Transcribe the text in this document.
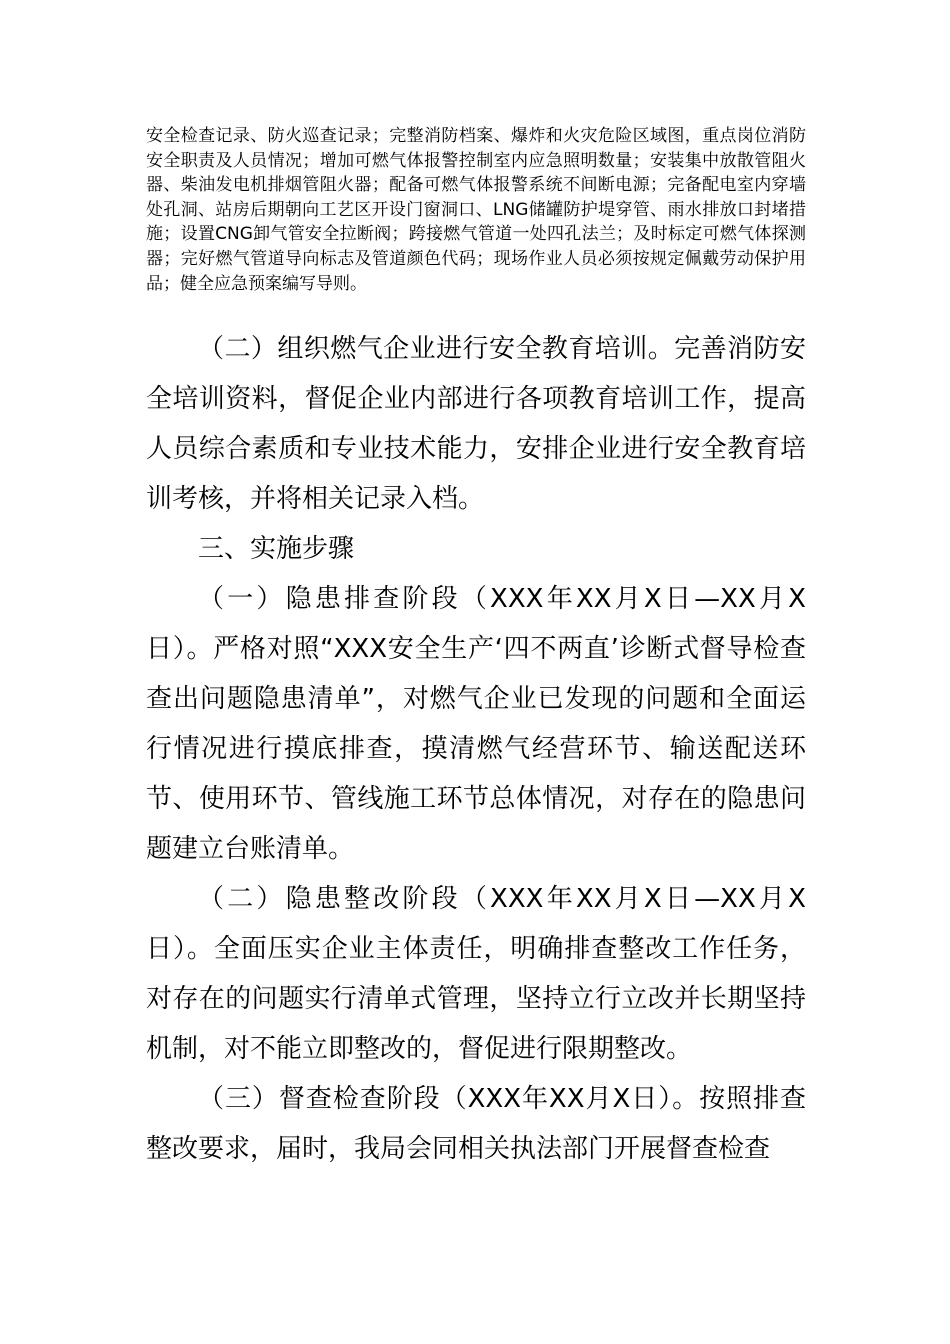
安全检查记录、防火巡查记录；完整消防档案、爆炸和火灾危险区域图，重点岗位消防安全职责及人员情况；增加可燃气体报警控制室内应急照明数量；安装集中放散管阻火器、柴油发电机排烟管阻火器；配备可燃气体报警系统不间断电源；完备配电室内穿墙处孔洞、站房后期朝向工艺区开设门窗洞口、LNG储罐防护堤穿管、雨水排放口封堵措施；设置CNG卸气管安全拉断阀；跨接燃气管道一处四孔法兰；及时标定可燃气体探测器；完好燃气管道导向标志及管道颜色代码；现场作业人员必须按规定佩戴劳动保护用品；健全应急预案编写导则。

（二）组织燃气企业进行安全教育培训。完善消防安全培训资料，督促企业内部进行各项教育培训工作，提高人员综合素质和专业技术能力，安排企业进行安全教育培训考核，并将相关记录入档。

三、实施步骤

（一）隐患排查阶段（XXX年XX月X日—XX月X日）。严格对照“XXX安全生产‘四不两直’诊断式督导检查查出问题隐患清单”，对燃气企业已发现的问题和全面运行情况进行摸底排查，摸清燃气经营环节、输送配送环节、使用环节、管线施工环节总体情况，对存在的隐患问题建立台账清单。

（二）隐患整改阶段（XXX年XX月X日—XX月X日）。全面压实企业主体责任，明确排查整改工作任务，对存在的问题实行清单式管理，坚持立行立改并长期坚持机制，对不能立即整改的，督促进行限期整改。

（三）督查检查阶段（XXX年XX月X日）。按照排查整改要求，届时，我局会同相关执法部门开展督查检查
